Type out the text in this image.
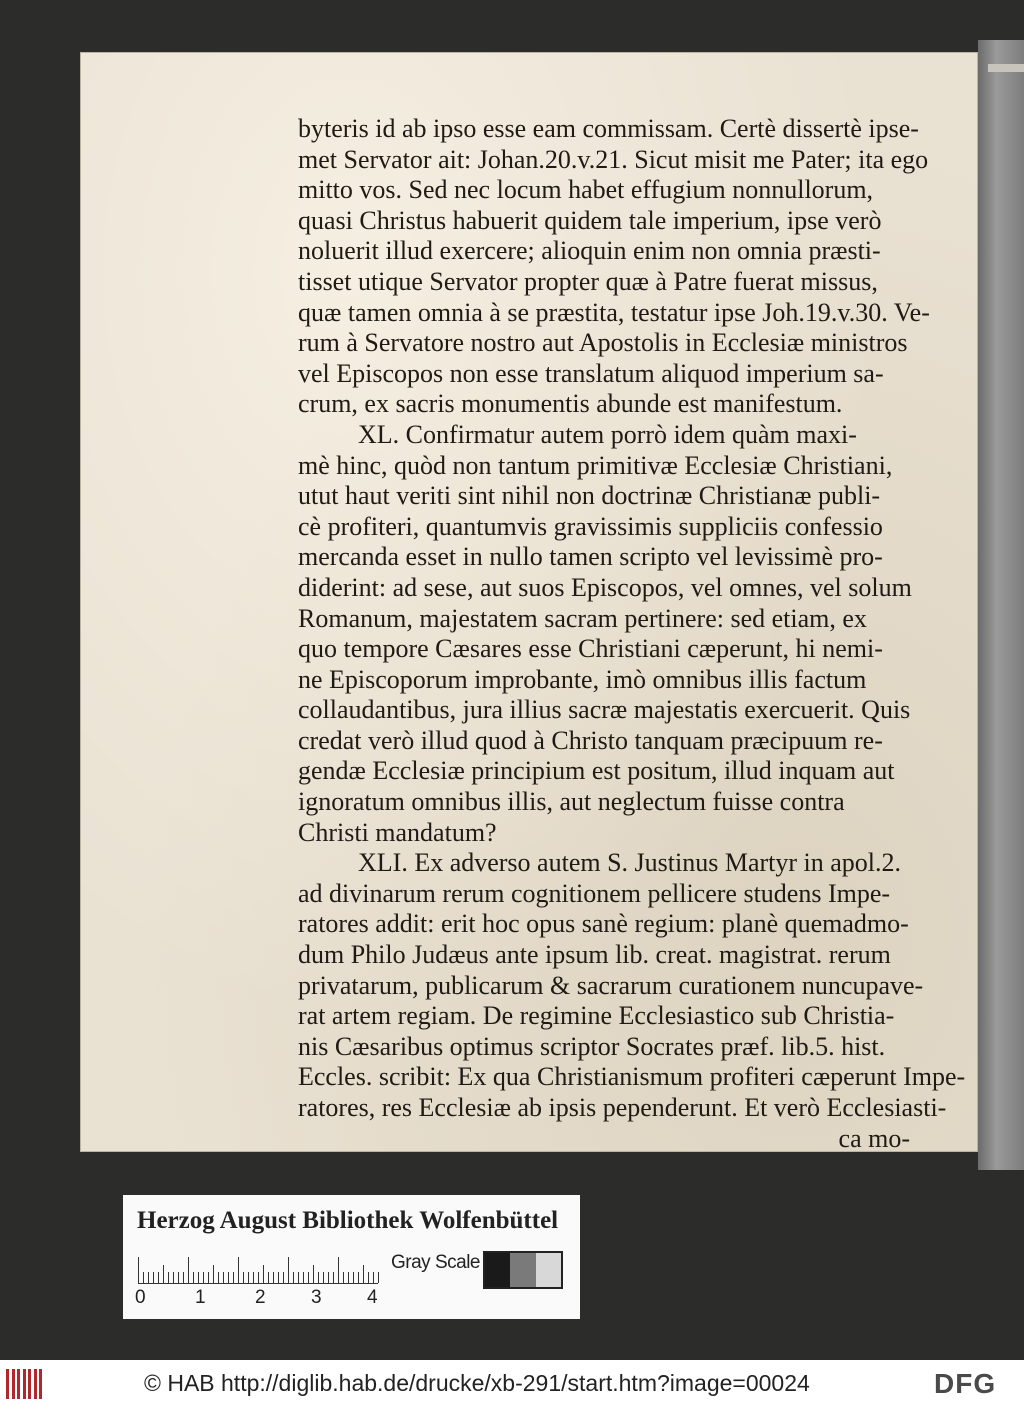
byteris id ab ipso esse eam commissam. Certè dissertè ipse-
met Servator ait: Johan.20.v.21. Sicut misit me Pater; ita ego
mitto vos. Sed nec locum habet effugium nonnullorum,
quasi Christus habuerit quidem tale imperium, ipse verò
noluerit illud exercere; alioquin enim non omnia præsti-
tisset utique Servator propter quæ à Patre fuerat missus,
quæ tamen omnia à se præstita, testatur ipse Joh.19.v.30. Ve-
rum à Servatore nostro aut Apostolis in Ecclesiæ ministros
vel Episcopos non esse translatum aliquod imperium sa-
crum, ex sacris monumentis abunde est manifestum.
XL. Confirmatur autem porrò idem quàm maxi-
mè hinc, quòd non tantum primitivæ Ecclesiæ Christiani,
utut haut veriti sint nihil non doctrinæ Christianæ publi-
cè profiteri, quantumvis gravissimis suppliciis confessio
mercanda esset in nullo tamen scripto vel levissimè pro-
diderint: ad sese, aut suos Episcopos, vel omnes, vel solum
Romanum, majestatem sacram pertinere: sed etiam, ex
quo tempore Cæsares esse Christiani cæperunt, hi nemi-
ne Episcoporum improbante, imò omnibus illis factum
collaudantibus, jura illius sacræ majestatis exercuerit. Quis
credat verò illud quod à Christo tanquam præcipuum re-
gendæ Ecclesiæ principium est positum, illud inquam aut
ignoratum omnibus illis, aut neglectum fuisse contra
Christi mandatum?
XLI. Ex adverso autem S. Justinus Martyr in apol.2.
ad divinarum rerum cognitionem pellicere studens Impe-
ratores addit: erit hoc opus sanè regium: planè quemadmo-
dum Philo Judæus ante ipsum lib. creat. magistrat. rerum
privatarum, publicarum & sacrarum curationem nuncupave-
rat artem regiam. De regimine Ecclesiastico sub Christia-
nis Cæsaribus optimus scriptor Socrates præf. lib.5. hist.
Eccles. scribit: Ex qua Christianismum profiteri cæperunt Impe-
ratores, res Ecclesiæ ab ipsis pependerunt. Et verò Ecclesiasti-
ca mo-
Herzog August Bibliothek Wolfenbüttel
0	1	2 3 4
Gray Scale
© HAB http://diglib.hab.de/drucke/xb-291/start.htm?image=00024	DFG
